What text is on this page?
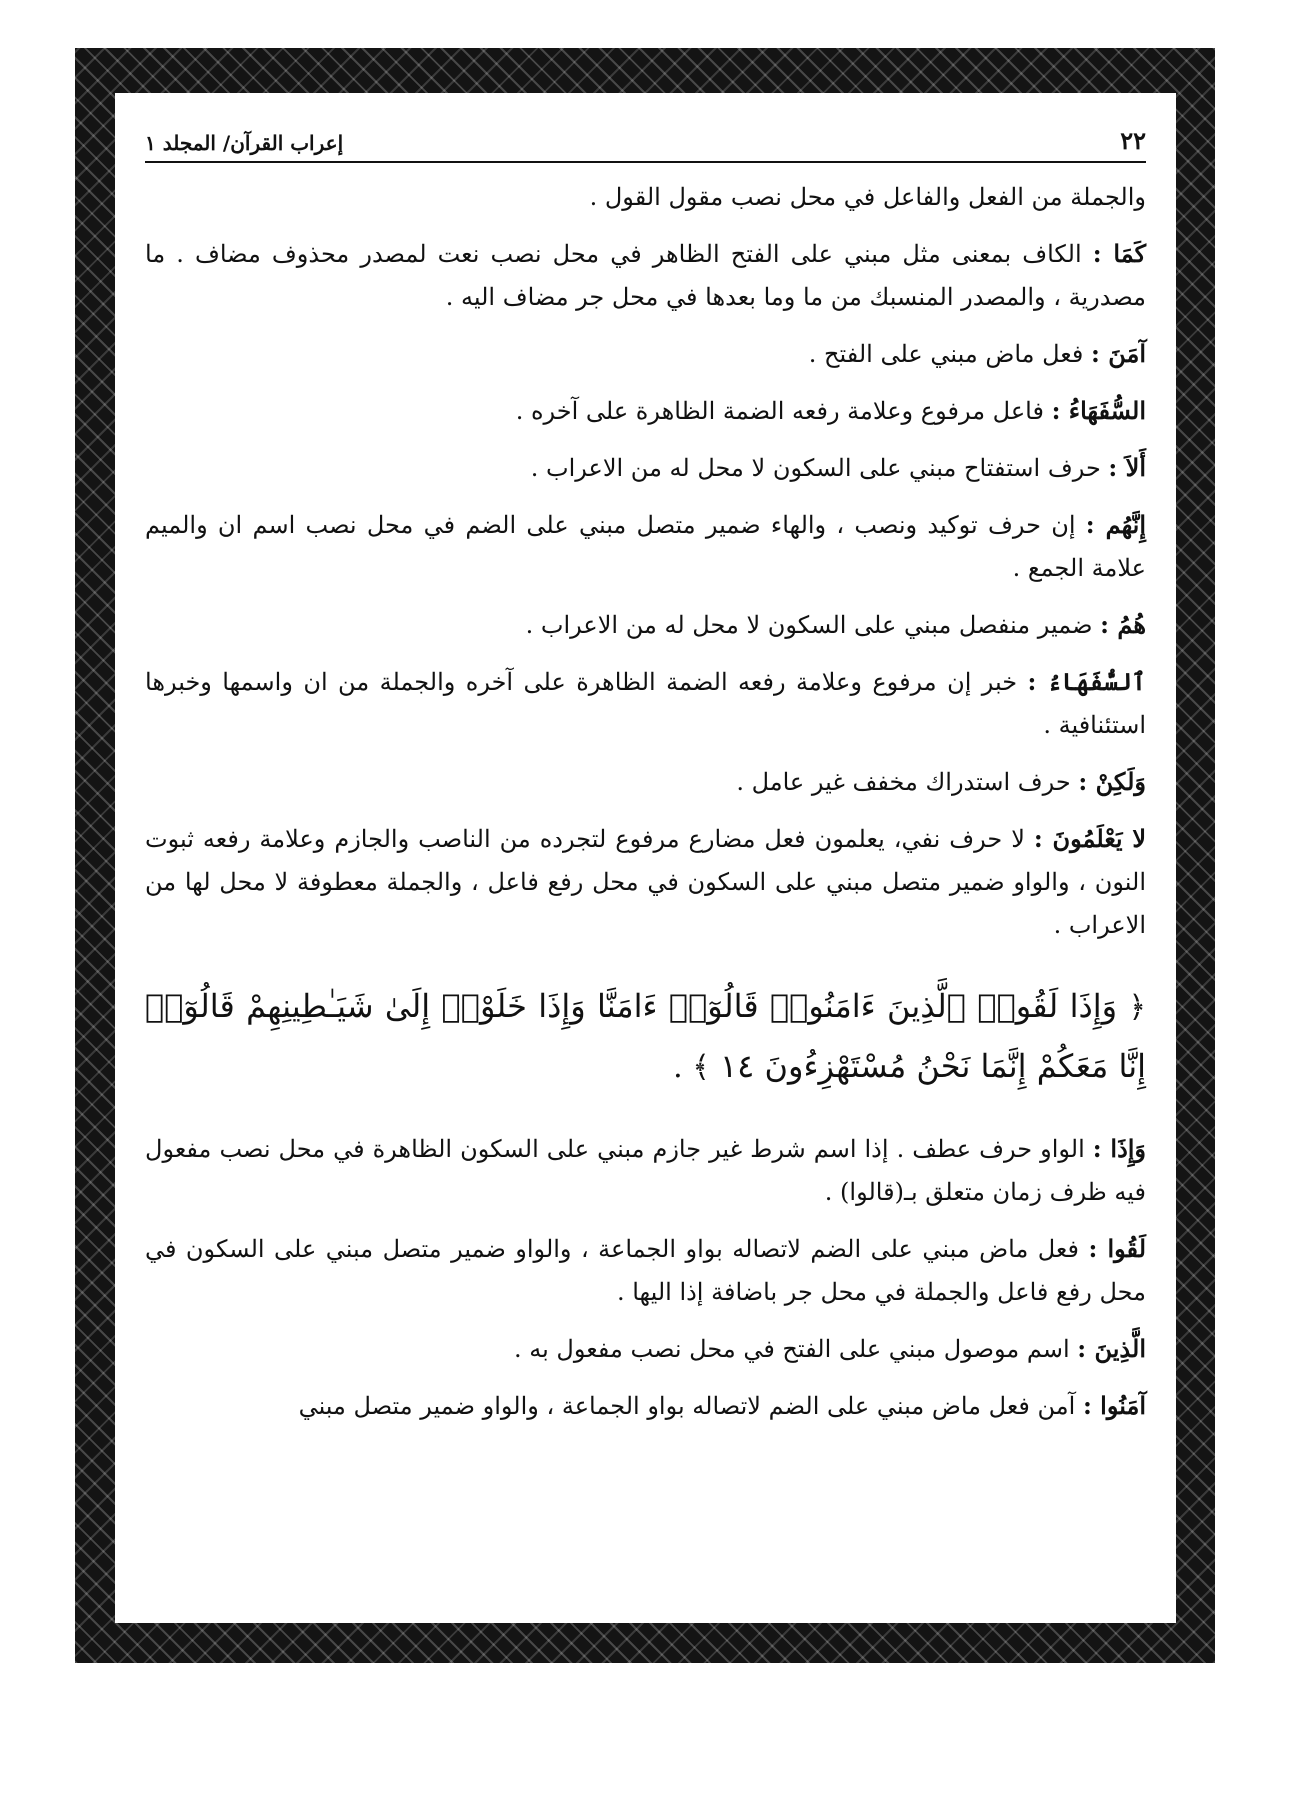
٢٢
إعراب القرآن/ المجلد ١

والجملة من الفعل والفاعل في محل نصب مقول القول .

كَمَا : الكاف بمعنى مثل مبني على الفتح الظاهر في محل نصب نعت لمصدر محذوف مضاف . ما مصدرية ، والمصدر المنسبك من ما وما بعدها في محل جر مضاف اليه .

آمَنَ : فعل ماض مبني على الفتح .

السُّفَهَاءُ : فاعل مرفوع وعلامة رفعه الضمة الظاهرة على آخره .

أَلاَ : حرف استفتاح مبني على السكون لا محل له من الاعراب .

إِنَّهُم : إن حرف توكيد ونصب ، والهاء ضمير متصل مبني على الضم في محل نصب اسم ان والميم علامة الجمع .

هُمُ : ضمير منفصل مبني على السكون لا محل له من الاعراب .

ٱلسُّفَهَاءُ : خبر إن مرفوع وعلامة رفعه الضمة الظاهرة على آخره والجملة من ان واسمها وخبرها استئنافية .

وَلَكِنْ : حرف استدراك مخفف غير عامل .

لا يَعْلَمُونَ : لا حرف نفي، يعلمون فعل مضارع مرفوع لتجرده من الناصب والجازم وعلامة رفعه ثبوت النون ، والواو ضمير متصل مبني على السكون في محل رفع فاعل ، والجملة معطوفة لا محل لها من الاعراب .

﴿ وَإِذَا لَقُوا۟ ٱلَّذِينَ ءَامَنُوا۟ قَالُوٓا۟ ءَامَنَّا وَإِذَا خَلَوْا۟ إِلَىٰ شَيَـٰطِينِهِمْ قَالُوٓا۟ إِنَّا مَعَكُمْ إِنَّمَا نَحْنُ مُسْتَهْزِءُونَ ١٤ ﴾ .

وَإِذَا : الواو حرف عطف . إذا اسم شرط غير جازم مبني على السكون الظاهرة في محل نصب مفعول فيه ظرف زمان متعلق بـ(قالوا) .

لَقُوا : فعل ماض مبني على الضم لاتصاله بواو الجماعة ، والواو ضمير متصل مبني على السكون في محل رفع فاعل والجملة في محل جر باضافة إذا اليها .

الَّذِينَ : اسم موصول مبني على الفتح في محل نصب مفعول به .

آمَنُوا : آمن فعل ماض مبني على الضم لاتصاله بواو الجماعة ، والواو ضمير متصل مبني
